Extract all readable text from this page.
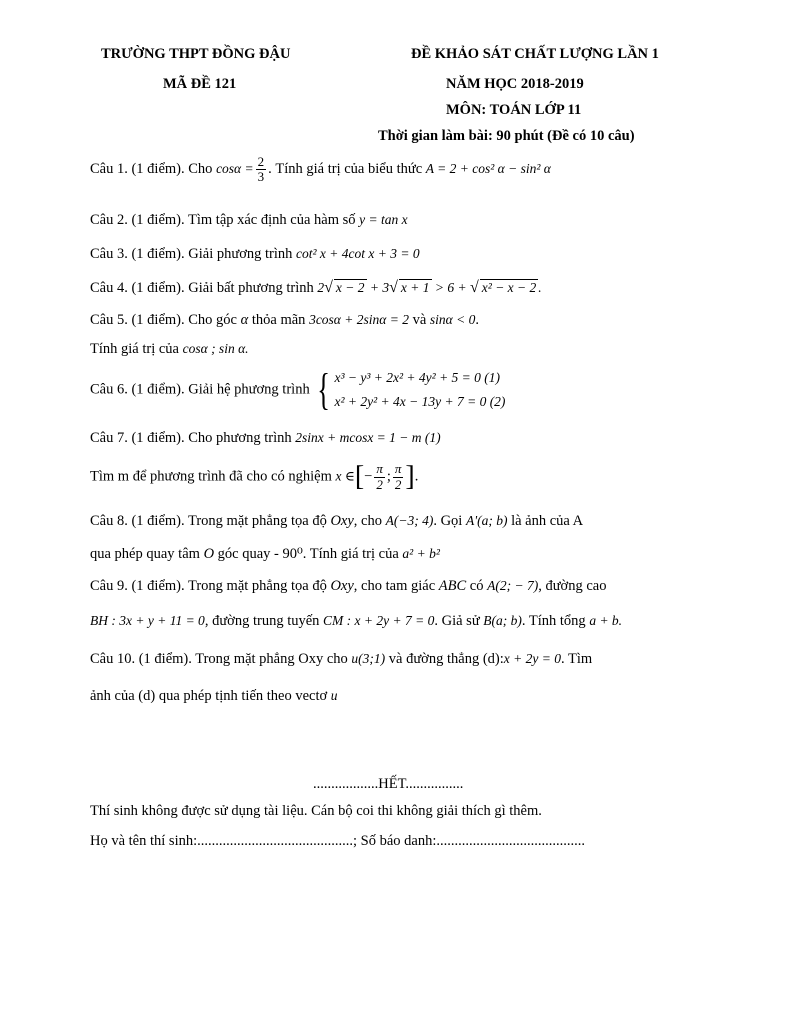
TRƯỜNG THPT ĐỒNG ĐẬU
MÃ ĐỀ 121
ĐỀ KHẢO SÁT CHẤT LƯỢNG LẦN 1
NĂM HỌC 2018-2019
MÔN: TOÁN LỚP 11
Thời gian làm bài: 90 phút (Đề có 10 câu)
Câu 1. (1 điểm). Cho $\cos\alpha = \frac{2}{3}$ . Tính giá trị của biểu thức A = 2 + cos² α − sin² α
Câu 2. (1 điểm). Tìm tập xác định của hàm số y = tan x
Câu 3. (1 điểm). Giải phương trình cot² x + 4cot x + 3 = 0
Câu 4. (1 điểm). Giải bất phương trình 2√ x − 2 + 3√ x + 1 > 6 + √ x² − x − 2 .
Câu 5. (1 điểm). Cho góc α thỏa mãn 3cosα + 2sinα = 2 và sinα < 0.
Tính giá trị của cosα ; sin α.
Câu 6. (1 điểm). Giải hệ phương trình { x³ − y³ + 2x² + 4y² + 5 = 0 (1)
x² + 2y² + 4x − 13y + 7 = 0 (2)
Câu 7. (1 điểm). Cho phương trình 2sinx + mcosx = 1 − m (1)
Tìm m để phương trình đã cho có nghiệm x ∈[− $\frac{\pi}{2}$ ; $\frac{\pi}{2}$ ].
Câu 8. (1 điểm). Trong mặt phẳng tọa độ Oxy, cho A(−3; 4). Gọi A'(a; b) là ảnh của A
qua phép quay tâm O góc quay - 90⁰. Tính giá trị của a² + b²
Câu 9. (1 điểm). Trong mặt phẳng tọa độ Oxy, cho tam giác ABC có A(2; − 7), đường cao
BH : 3x + y + 11 = 0, đường trung tuyến CM : x + 2y + 7 = 0. Giả sử B(a; b). Tính tổng a + b.
Câu 10. (1 điểm). Trong mặt phẳng Oxy cho u(3;1) và đường thẳng (d):x + 2y = 0. Tìm
ảnh của (d) qua phép tịnh tiến theo vectơ u
..................HẾT................
Thí sinh không được sử dụng tài liệu. Cán bộ coi thi không giải thích gì thêm.
Họ và tên thí sinh:...........................................; Số báo danh:.........................................
